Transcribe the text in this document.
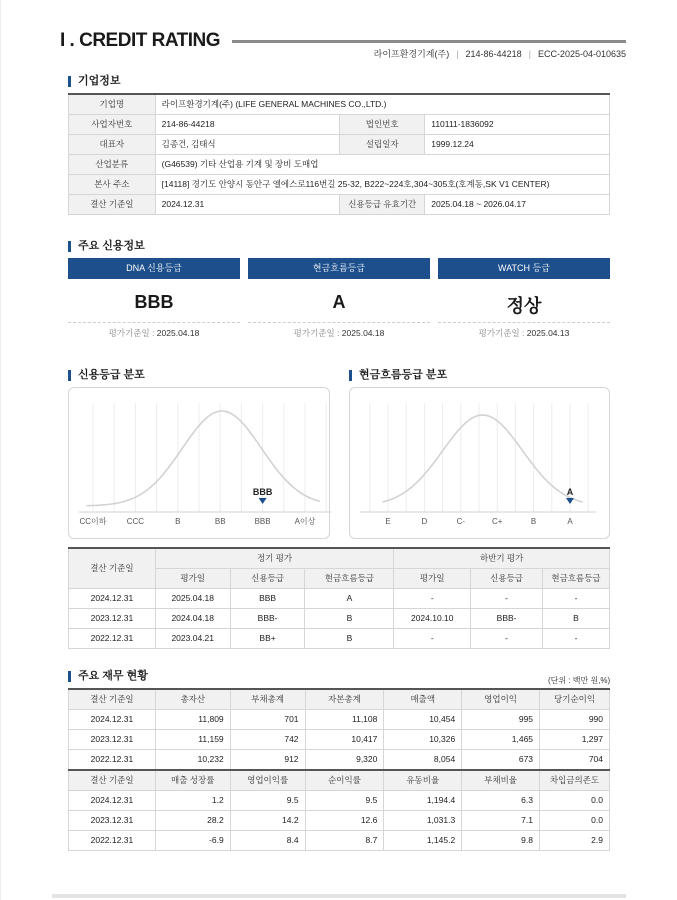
I . CREDIT RATING
라이프환경기계(주) | 214-86-44218 | ECC-2025-04-010635
기업정보
기업명	라이프환경기계(주) (LIFE GENERAL MACHINES CO.,LTD.)		
사업자번호	214-86-44218	법인번호	110111-1836092
대표자	김종건, 김태식	설립일자	1999.12.24
산업분류	(G46539) 기타 산업용 기계 및 장비 도매업		
본사 주소	[14118] 경기도 안양시 동안구 엘에스로116번길 25-32, B222~224호,304~305호(호계동,SK V1 CENTER)		
결산 기준일	2024.12.31	신용등급 유효기간	2025.04.18 ~ 2026.04.17
주요 신용정보
DNA 신용등급	현금흐름등급	WATCH 등급
BBB	A	정상
평가기준일 : 2025.04.18	평가기준일 : 2025.04.18	평가기준일 : 2025.04.13
신용등급 분포	현금흐름등급 분포
CC이하	CCC	B	BB	BBB	A이상
BBB
E	D	C-	C+	B	A
A
결산 기준일	정기 평가			하반기 평가		
	평가일	신용등급	현금흐름등급	평가일	신용등급	현금흐름등급
2024.12.31	2025.04.18	BBB	A	-	-	-
2023.12.31	2024.04.18	BBB-	B	2024.10.10	BBB-	B
2022.12.31	2023.04.21	BB+	B	-	-	-
주요 재무 현황	(단위 : 백만 원,%)
결산 기준일	총자산	부채총계	자본총계	매출액	영업이익	당기순이익
2024.12.31	11,809	701	11,108	10,454	995	990
2023.12.31	11,159	742	10,417	10,326	1,465	1,297
2022.12.31	10,232	912	9,320	8,054	673	704
결산 기준일	매출 성장률	영업이익률	순이익률	유동비율	부채비율	차입금의존도
2024.12.31	1.2	9.5	9.5	1,194.4	6.3	0.0
2023.12.31	28.2	14.2	12.6	1,031.3	7.1	0.0
2022.12.31	-6.9	8.4	8.7	1,145.2	9.8	2.9
